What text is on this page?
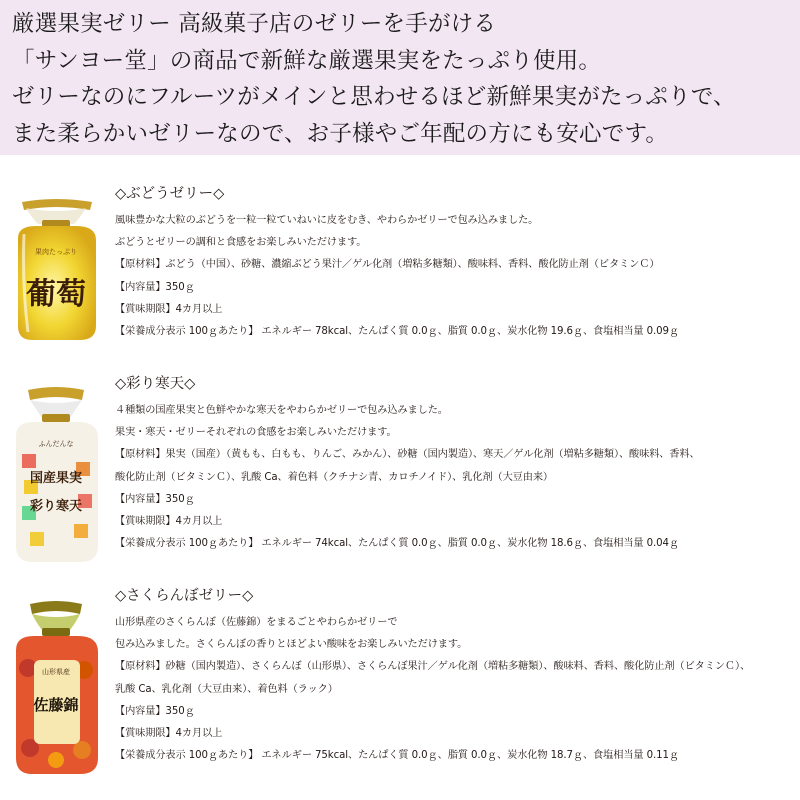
厳選果実ゼリー 高級菓子店のゼリーを手がける
「サンヨー堂」の商品で新鮮な厳選果実をたっぷり使用。
ゼリーなのにフルーツがメインと思わせるほど新鮮果実がたっぷりで、
また柔らかいゼリーなので、お子様やご年配の方にも安心です。
果肉たっぷり
葡萄
◇ぶどうゼリー◇
風味豊かな大粒のぶどうを一粒一粒ていねいに皮をむき、やわらかゼリーで包み込みました。
ぶどうとゼリーの調和と食感をお楽しみいただけます。
【原材料】ぶどう（中国）、砂糖、濃縮ぶどう果汁／ゲル化剤（増粘多糖類）、酸味料、香料、酸化防止剤（ビタミンＣ）
【内容量】350ｇ
【賞味期限】4カ月以上
【栄養成分表示 100ｇあたり】 エネルギー 78kcal、たんぱく質 0.0ｇ、脂質 0.0ｇ、炭水化物 19.6ｇ、食塩相当量 0.09ｇ
ふんだんな
国産果実
彩り寒天
◇彩り寒天◇
４種類の国産果実と色鮮やかな寒天をやわらかゼリーで包み込みました。
果実・寒天・ゼリーそれぞれの食感をお楽しみいただけます。
【原材料】果実（国産）（黄もも、白もも、りんご、みかん）、砂糖（国内製造）、寒天／ゲル化剤（増粘多糖類）、酸味料、香料、
酸化防止剤（ビタミンＣ）、乳酸 Ca、着色料（クチナシ青、カロチノイド）、乳化剤（大豆由来）
【内容量】350ｇ
【賞味期限】4カ月以上
【栄養成分表示 100ｇあたり】 エネルギー 74kcal、たんぱく質 0.0ｇ、脂質 0.0ｇ、炭水化物 18.6ｇ、食塩相当量 0.04ｇ
山形県産
佐藤錦
◇さくらんぼゼリー◇
山形県産のさくらんぼ（佐藤錦）をまるごとやわらかゼリーで
包み込みました。さくらんぼの香りとほどよい酸味をお楽しみいただけます。
【原材料】砂糖（国内製造）、さくらんぼ（山形県）、さくらんぼ果汁／ゲル化剤（増粘多糖類）、酸味料、香料、酸化防止剤（ビタミンＣ）、
乳酸 Ca、乳化剤（大豆由来）、着色料（ラック）
【内容量】350ｇ
【賞味期限】4カ月以上
【栄養成分表示 100ｇあたり】 エネルギー 75kcal、たんぱく質 0.0ｇ、脂質 0.0ｇ、炭水化物 18.7ｇ、食塩相当量 0.11ｇ
